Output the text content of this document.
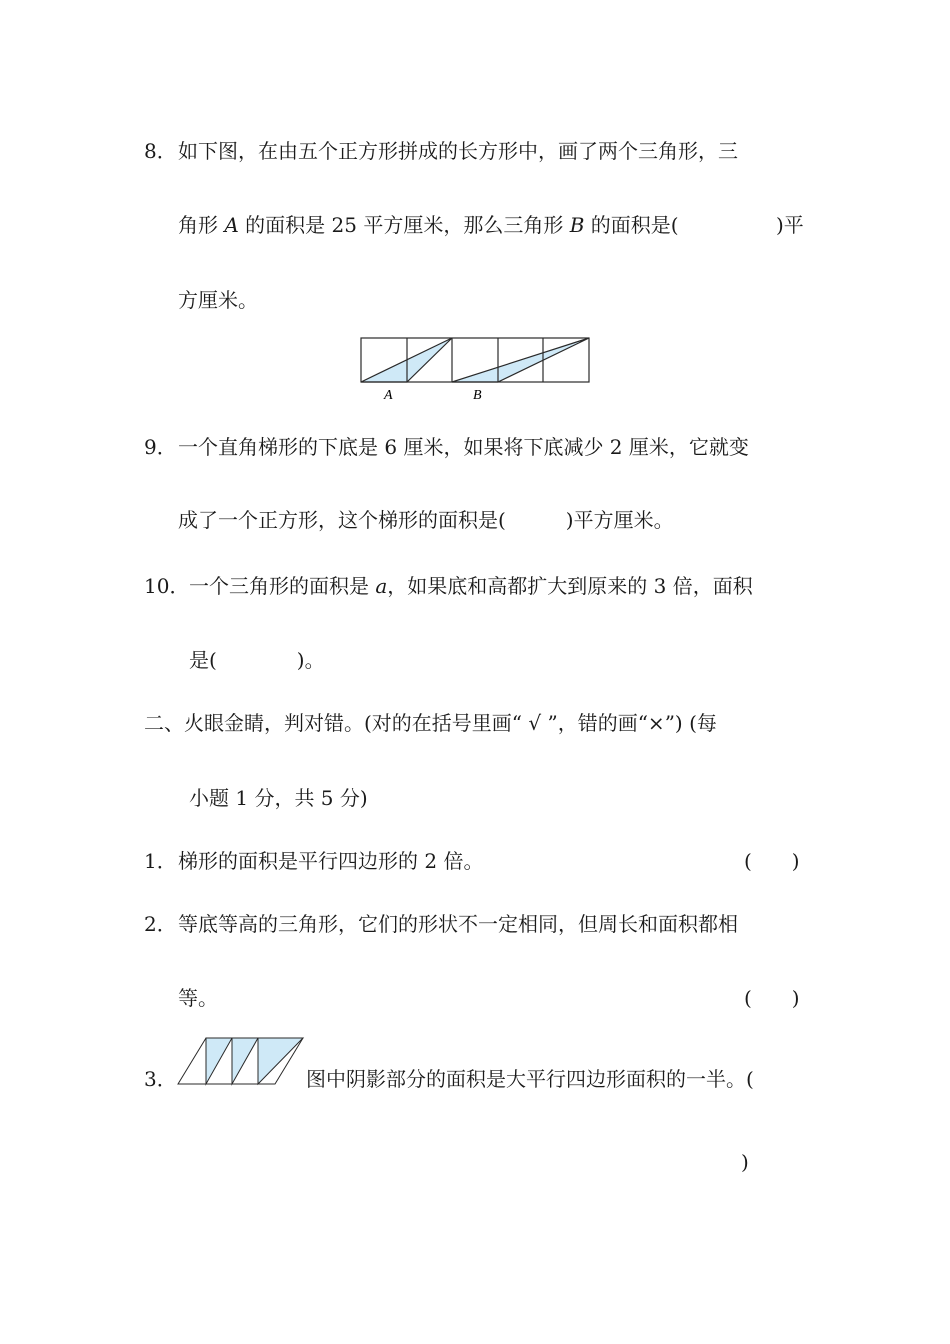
8． 如下图，在由五个正方形拼成的长方形中，画了两个三角形，三
角形 A 的面积是 25 平方厘米，那么三角形 B 的面积是(	)平
方厘米。
A	B
9． 一个直角梯形的下底是 6 厘米，如果将下底减少 2 厘米，它就变
成了一个正方形，这个梯形的面积是(　　　)平方厘米。
10． 一个三角形的面积是 a，如果底和高都扩大到原来的 3 倍，面积
是(　　　　)。
二、火眼金睛，判对错。(对的在括号里画“ √ ”，错的画“×”) (每
小题 1 分，共 5 分)
1． 梯形的面积是平行四边形的 2 倍。	(　　)
2． 等底等高的三角形，它们的形状不一定相同，但周长和面积都相
等。	(　　)
3．	图中阴影部分的面积是大平行四边形面积的一半。(
)
